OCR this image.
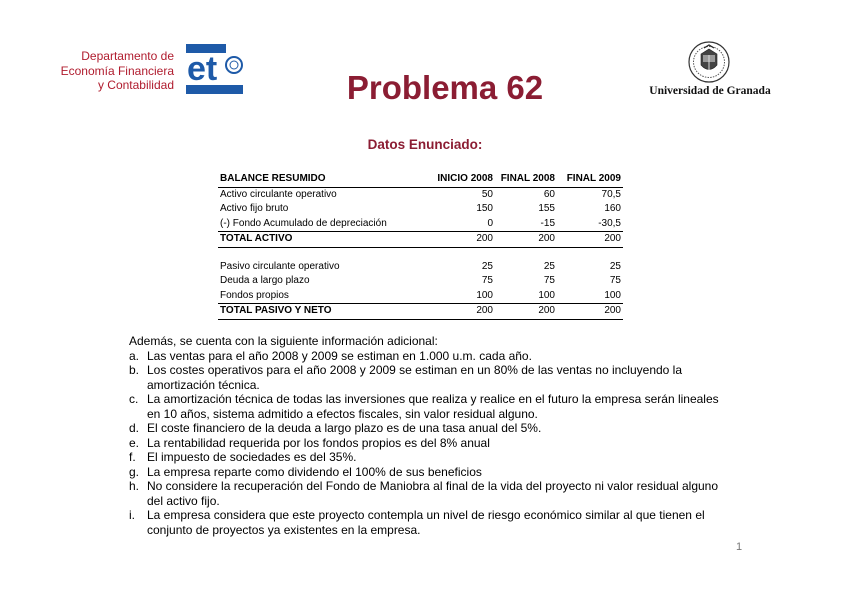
Departamento de
Economía Financiera
y Contabilidad et	Problema 62	Universidad de Granada
Datos Enunciado:
BALANCE RESUMIDO	INICIO 2008	FINAL 2008	FINAL 2009
Activo circulante operativo	50	60	70,5
Activo fijo bruto	150	155	160
(-) Fondo Acumulado de depreciación	0	-15	-30,5
TOTAL ACTIVO	200	200	200

Pasivo circulante operativo	25	25	25
Deuda a largo plazo	75	75	75
Fondos propios	100	100	100
TOTAL PASIVO Y NETO	200	200	200
Además, se cuenta con la siguiente información adicional:
a. Las ventas para el año 2008 y 2009 se estiman en 1.000 u.m. cada año.
b. Los costes operativos para el año 2008 y 2009 se estiman en un 80% de las ventas no incluyendo la amortización técnica.
c. La amortización técnica de todas las inversiones que realiza y realice en el futuro la empresa serán lineales en 10 años, sistema admitido a efectos fiscales, sin valor residual alguno.
d. El coste financiero de la deuda a largo plazo es de una tasa anual del 5%.
e. La rentabilidad requerida por los fondos propios es del 8% anual
f. El impuesto de sociedades es del 35%.
g. La empresa reparte como dividendo el 100% de sus beneficios
h. No considere la recuperación del Fondo de Maniobra al final de la vida del proyecto ni valor residual alguno del activo fijo.
i. La empresa considera que este proyecto contempla un nivel de riesgo económico similar al que tienen el conjunto de proyectos ya existentes en la empresa.
1
